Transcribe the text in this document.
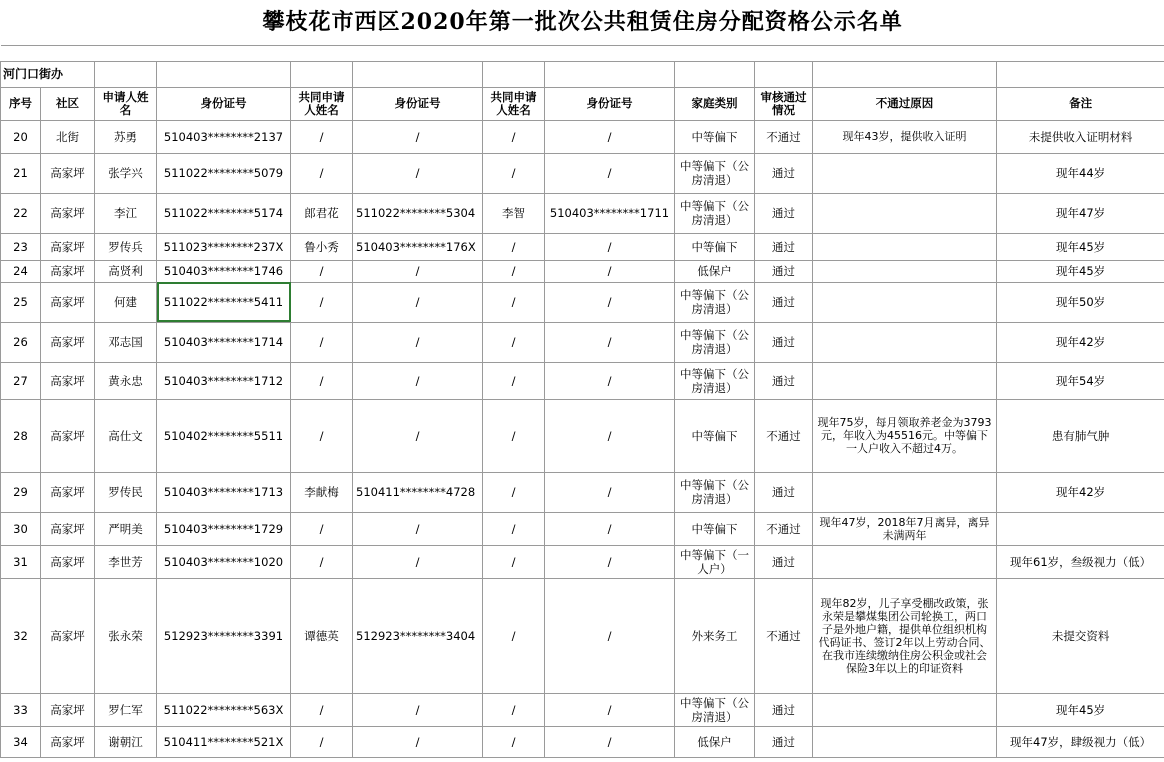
攀枝花市西区2020年第一批次公共租赁住房分配资格公示名单											

河门口街办											
序号	社区	申请人姓名	身份证号	共同申请人姓名	身份证号	共同申请人姓名	身份证号	家庭类别	审核通过情况	不通过原因	备注
20	北街	苏勇	510403********2137	/	/	/	/	中等偏下	不通过	现年43岁，提供收入证明	未提供收入证明材料
21	高家坪	张学兴	511022********5079	/	/	/	/	中等偏下（公房清退）	通过		现年44岁
22	高家坪	李江	511022********5174	郎君花	511022********5304	李智	510403********1711	中等偏下（公房清退）	通过		现年47岁
23	高家坪	罗传兵	511023********237X	鲁小秀	510403********176X	/	/	中等偏下	通过		现年45岁
24	高家坪	高贤利	510403********1746	/	/	/	/	低保户	通过		现年45岁
25	高家坪	何建	511022********5411	/	/	/	/	中等偏下（公房清退）	通过		现年50岁
26	高家坪	邓志国	510403********1714	/	/	/	/	中等偏下（公房清退）	通过		现年42岁
27	高家坪	黄永忠	510403********1712	/	/	/	/	中等偏下（公房清退）	通过		现年54岁
28	高家坪	高仕文	510402********5511	/	/	/	/	中等偏下	不通过	现年75岁，每月领取养老金为3793元，年收入为45516元。中等偏下一人户收入不超过4万。	患有肺气肿
29	高家坪	罗传民	510403********1713	李献梅	510411********4728	/	/	中等偏下（公房清退）	通过		现年42岁
30	高家坪	严明美	510403********1729	/	/	/	/	中等偏下	不通过	现年47岁，2018年7月离异，离异未满两年	
31	高家坪	李世芳	510403********1020	/	/	/	/	中等偏下（一人户）	通过		现年61岁，叁级视力（低）
32	高家坪	张永荣	512923********3391	谭德英	512923********3404	/	/	外来务工	不通过	现年82岁，儿子享受棚改政策，张永荣是攀煤集团公司轮换工，两口子是外地户籍，提供单位组织机构代码证书、签订2年以上劳动合同、在我市连续缴纳住房公积金或社会保险3年以上的印证资料	未提交资料
33	高家坪	罗仁军	511022********563X	/	/	/	/	中等偏下（公房清退）	通过		现年45岁
34	高家坪	谢朝江	510411********521X	/	/	/	/	低保户	通过		现年47岁，肆级视力（低）
